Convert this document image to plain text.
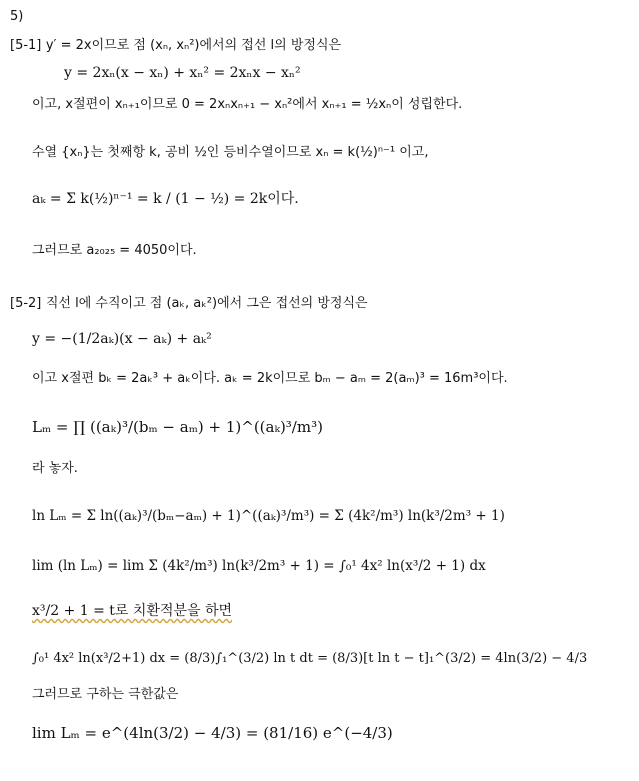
5)
[5-1] y′ = 2x이므로 점 (xₙ, xₙ²)에서의 접선 l의 방정식은
y = 2xₙ(x − xₙ) + xₙ² = 2xₙx − xₙ²
이고, x절편이 xₙ₊₁이므로 0 = 2xₙxₙ₊₁ − xₙ²에서 xₙ₊₁ = ½xₙ이 성립한다.
수열 {xₙ}는 첫째항 k, 공비 ½인 등비수열이므로 xₙ = k(½)ⁿ⁻¹ 이고,
aₖ = Σ k(½)ⁿ⁻¹ = k / (1 − ½) = 2k이다.
그러므로 a₂₀₂₅ = 4050이다.
[5-2] 직선 l에 수직이고 점 (aₖ, aₖ²)에서 그은 접선의 방정식은
y = −(1/2aₖ)(x − aₖ) + aₖ²
이고 x절편 bₖ = 2aₖ³ + aₖ이다. aₖ = 2k이므로 bₘ − aₘ = 2(aₘ)³ = 16m³이다.
Lₘ = ∏ ((aₖ)³/(bₘ − aₘ) + 1)^((aₖ)³/m³)
라 놓자.
ln Lₘ = Σ ln((aₖ)³/(bₘ−aₘ) + 1)^((aₖ)³/m³) = Σ (4k²/m³) ln(k³/2m³ + 1)
lim (ln Lₘ) = lim Σ (4k²/m³) ln(k³/2m³ + 1) = ∫₀¹ 4x² ln(x³/2 + 1) dx
x³/2 + 1 = t로 치환적분을 하면
∫₀¹ 4x² ln(x³/2+1) dx = (8/3)∫₁^(3/2) ln t dt = (8/3)[t ln t − t]₁^(3/2) = 4ln(3/2) − 4/3
그러므로 구하는 극한값은
lim Lₘ = e^(4ln(3/2) − 4/3) = (81/16) e^(−4/3)
